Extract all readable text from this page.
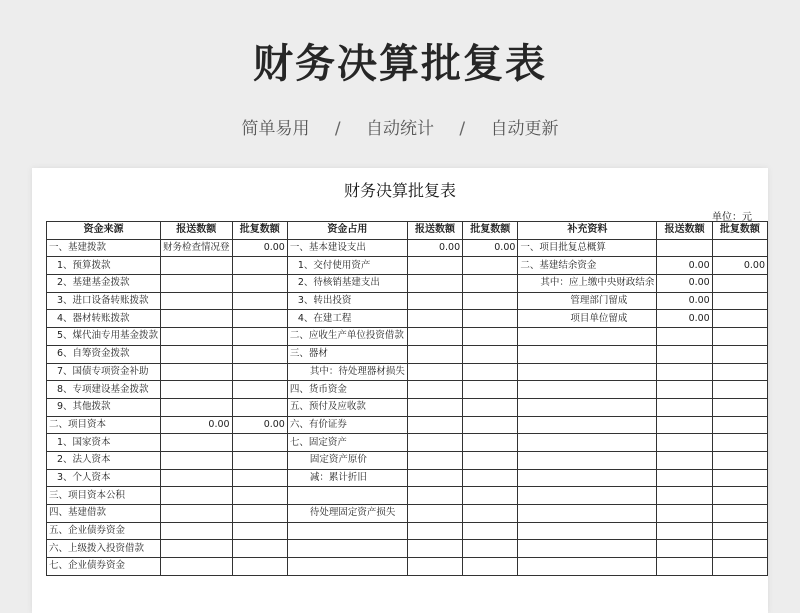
财务决算批复表
简单易用 / 自动统计 / 自动更新
财务决算批复表
单位：元
资金来源	报送数额	批复数额	资金占用	报送数额	批复数额	补充资料	报送数额	批复数额
一、基建拨款	财务检查情况登	0.00	一、基本建设支出	0.00	0.00	一、项目批复总概算		
1、预算拨款			1、交付使用资产			二、基建结余资金	0.00	0.00
2、基建基金拨款			2、待核销基建支出			其中：应上缴中央财政结余	0.00	
3、进口设备转账拨款			3、转出投资			管理部门留成	0.00	
4、器材转账拨款			4、在建工程			项目单位留成	0.00	
5、煤代油专用基金拨款			二、应收生产单位投资借款					
6、自筹资金拨款			三、器材					
7、国债专项资金补助			其中：待处理器材损失					
8、专项建设基金拨款			四、货币资金					
9、其他拨款			五、预付及应收款					
二、项目资本	0.00	0.00	六、有价证券					
1、国家资本			七、固定资产					
2、法人资本			固定资产原价					
3、个人资本			减：累计折旧					
三、项目资本公积								
四、基建借款			待处理固定资产损失					
五、企业债券资金								
六、上级拨入投资借款								
七、企业债券资金								
